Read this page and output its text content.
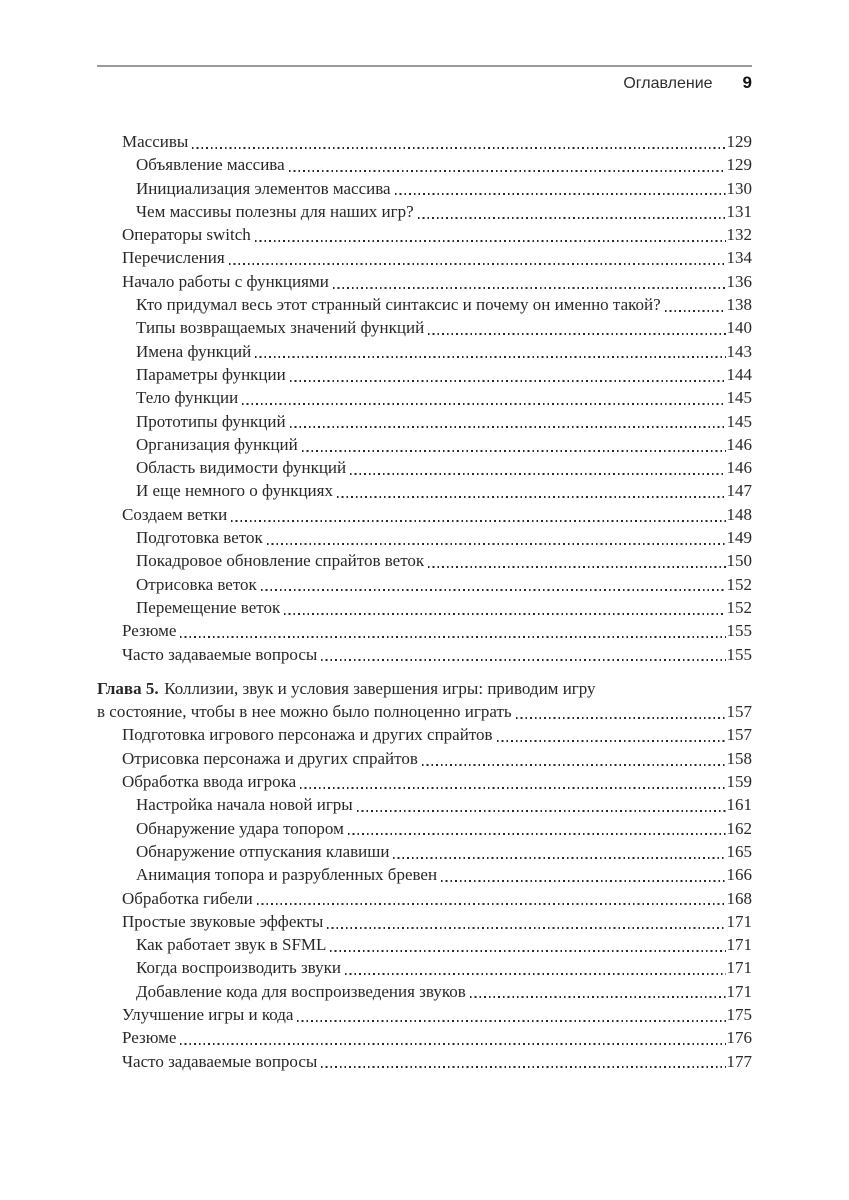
Оглавление 9
Массивы	129
Объявление массива	129
Инициализация элементов массива	130
Чем массивы полезны для наших игр?	131
Операторы switch	132
Перечисления	134
Начало работы с функциями	136
Кто придумал весь этот странный синтаксис и почему он именно такой?	138
Типы возвращаемых значений функций	140
Имена функций	143
Параметры функции	144
Тело функции	145
Прототипы функций	145
Организация функций	146
Область видимости функций	146
И еще немного о функциях	147
Создаем ветки	148
Подготовка веток	149
Покадровое обновление спрайтов веток	150
Отрисовка веток	152
Перемещение веток	152
Резюме	155
Часто задаваемые вопросы	155
Глава 5. Коллизии, звук и условия завершения игры: приводим игру
в состояние, чтобы в нее можно было полноценно играть	157
Подготовка игрового персонажа и других спрайтов	157
Отрисовка персонажа и других спрайтов	158
Обработка ввода игрока	159
Настройка начала новой игры	161
Обнаружение удара топором	162
Обнаружение отпускания клавиши	165
Анимация топора и разрубленных бревен	166
Обработка гибели	168
Простые звуковые эффекты	171
Как работает звук в SFML	171
Когда воспроизводить звуки	171
Добавление кода для воспроизведения звуков	171
Улучшение игры и кода	175
Резюме	176
Часто задаваемые вопросы	177
